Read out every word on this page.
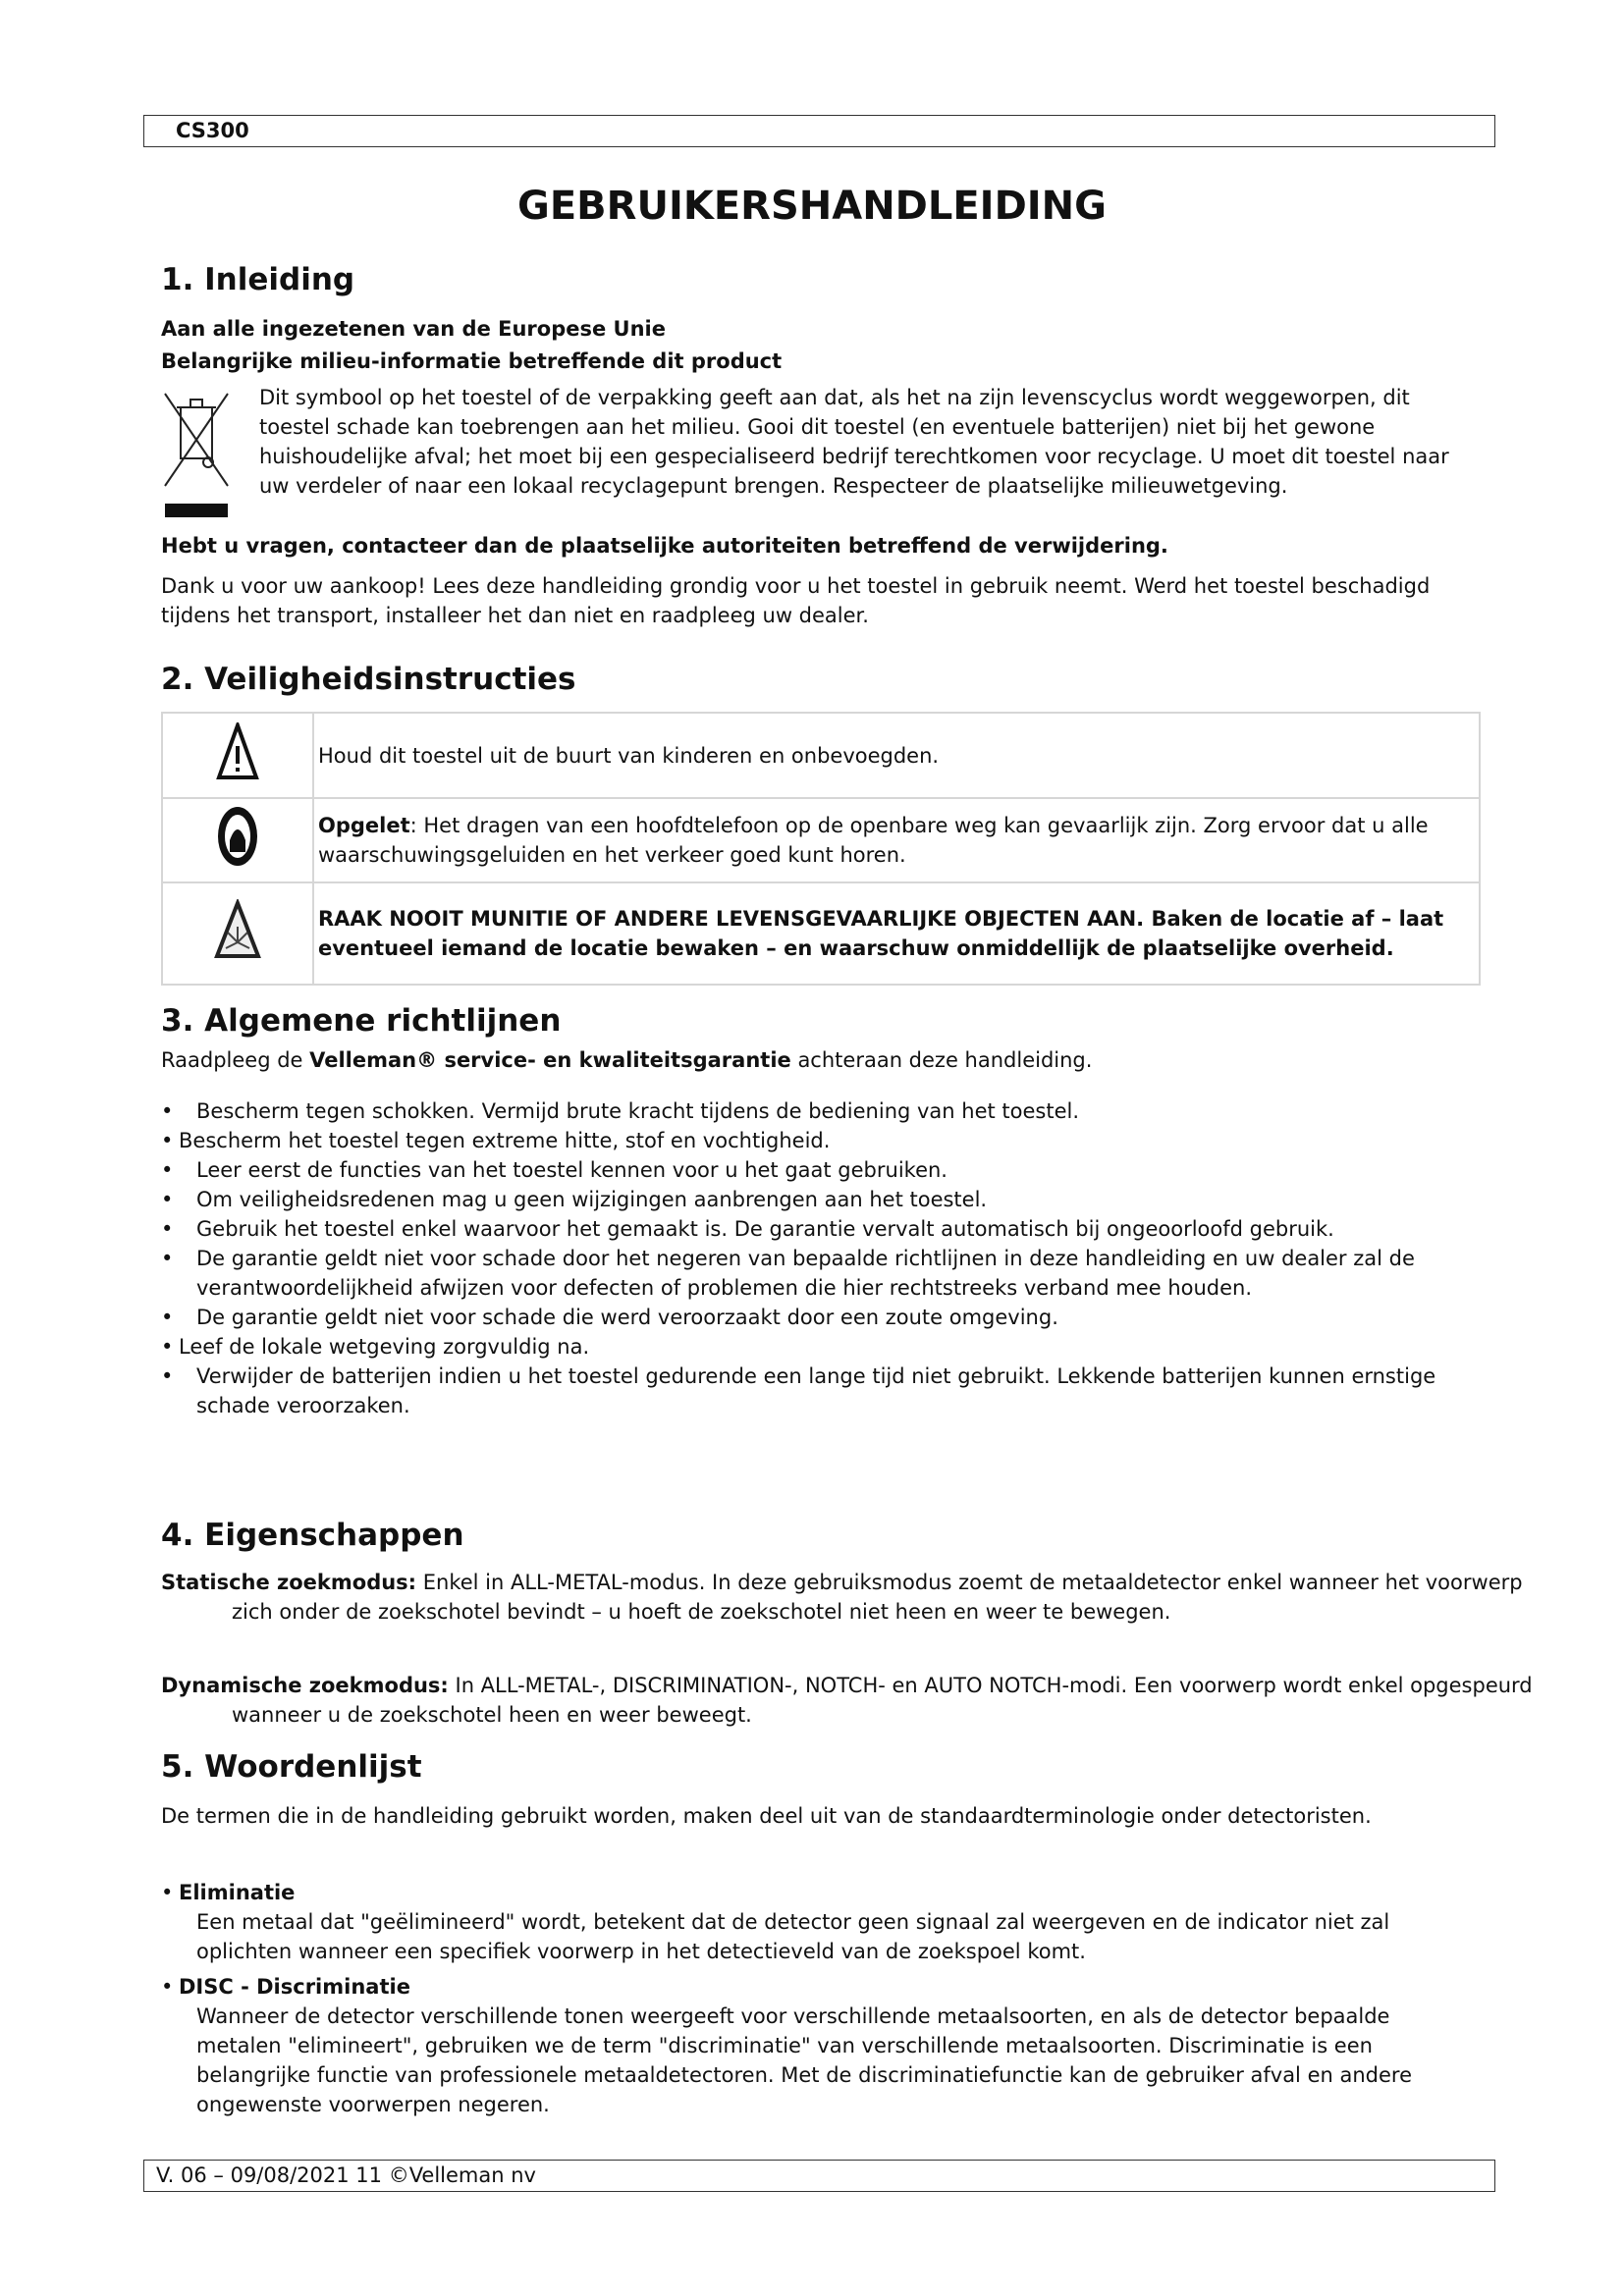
CS300
GEBRUIKERSHANDLEIDING
1. Inleiding

Aan alle ingezetenen van de Europese Unie

Belangrijke milieu-informatie betreffende dit product

Dit symbool op het toestel of de verpakking geeft aan dat, als het na zijn levenscyclus wordt weggeworpen, dit toestel schade kan toebrengen aan het milieu. Gooi dit toestel (en eventuele batterijen) niet bij het gewone huishoudelijke afval; het moet bij een gespecialiseerd bedrijf terechtkomen voor recyclage. U moet dit toestel naar uw verdeler of naar een lokaal recyclagepunt brengen. Respecteer de plaatselijke milieuwetgeving.

Hebt u vragen, contacteer dan de plaatselijke autoriteiten betreffend de verwijdering.

Dank u voor uw aankoop! Lees deze handleiding grondig voor u het toestel in gebruik neemt. Werd het toestel beschadigd tijdens het transport, installeer het dan niet en raadpleeg uw dealer.

2. Veiligheidsinstructies
	Houd dit toestel uit de buurt van kinderen en onbevoegden.
	Opgelet: Het dragen van een hoofdtelefoon op de openbare weg kan gevaarlijk zijn. Zorg ervoor dat u alle waarschuwingsgeluiden en het verkeer goed kunt horen.
	RAAK NOOIT MUNITIE OF ANDERE LEVENSGEVAARLIJKE OBJECTEN AAN. Baken de locatie af – laat eventueel iemand de locatie bewaken – en waarschuw onmiddellijk de plaatselijke overheid.
3. Algemene richtlijnen

Raadpleeg de Velleman® service- en kwaliteitsgarantie achteraan deze handleiding.

• Bescherm tegen schokken. Vermijd brute kracht tijdens de bediening van het toestel.
• Bescherm het toestel tegen extreme hitte, stof en vochtigheid.
• Leer eerst de functies van het toestel kennen voor u het gaat gebruiken.
• Om veiligheidsredenen mag u geen wijzigingen aanbrengen aan het toestel.
• Gebruik het toestel enkel waarvoor het gemaakt is. De garantie vervalt automatisch bij ongeoorloofd gebruik.
• De garantie geldt niet voor schade door het negeren van bepaalde richtlijnen in deze handleiding en uw dealer zal de verantwoordelijkheid afwijzen voor defecten of problemen die hier rechtstreeks verband mee houden.
• De garantie geldt niet voor schade die werd veroorzaakt door een zoute omgeving.
• Leef de lokale wetgeving zorgvuldig na.
• Verwijder de batterijen indien u het toestel gedurende een lange tijd niet gebruikt. Lekkende batterijen kunnen ernstige schade veroorzaken.
4. Eigenschappen

Statische zoekmodus: Enkel in ALL-METAL-modus. In deze gebruiksmodus zoemt de metaaldetector enkel wanneer het voorwerp zich onder de zoekschotel bevindt – u hoeft de zoekschotel niet heen en weer te bewegen.

Dynamische zoekmodus: In ALL-METAL-, DISCRIMINATION-, NOTCH- en AUTO NOTCH-modi. Een voorwerp wordt enkel opgespeurd wanneer u de zoekschotel heen en weer beweegt.

5. Woordenlijst

De termen die in de handleiding gebruikt worden, maken deel uit van de standaardterminologie onder detectoristen.

• Eliminatie
Een metaal dat "geëlimineerd" wordt, betekent dat de detector geen signaal zal weergeven en de indicator niet zal oplichten wanneer een specifiek voorwerp in het detectieveld van de zoekspoel komt.
• DISC - Discriminatie
Wanneer de detector verschillende tonen weergeeft voor verschillende metaalsoorten, en als de detector bepaalde metalen "elimineert", gebruiken we de term "discriminatie" van verschillende metaalsoorten. Discriminatie is een belangrijke functie van professionele metaaldetectoren. Met de discriminatiefunctie kan de gebruiker afval en andere ongewenste voorwerpen negeren.
V. 06 – 09/08/2021 11 ©Velleman nv
